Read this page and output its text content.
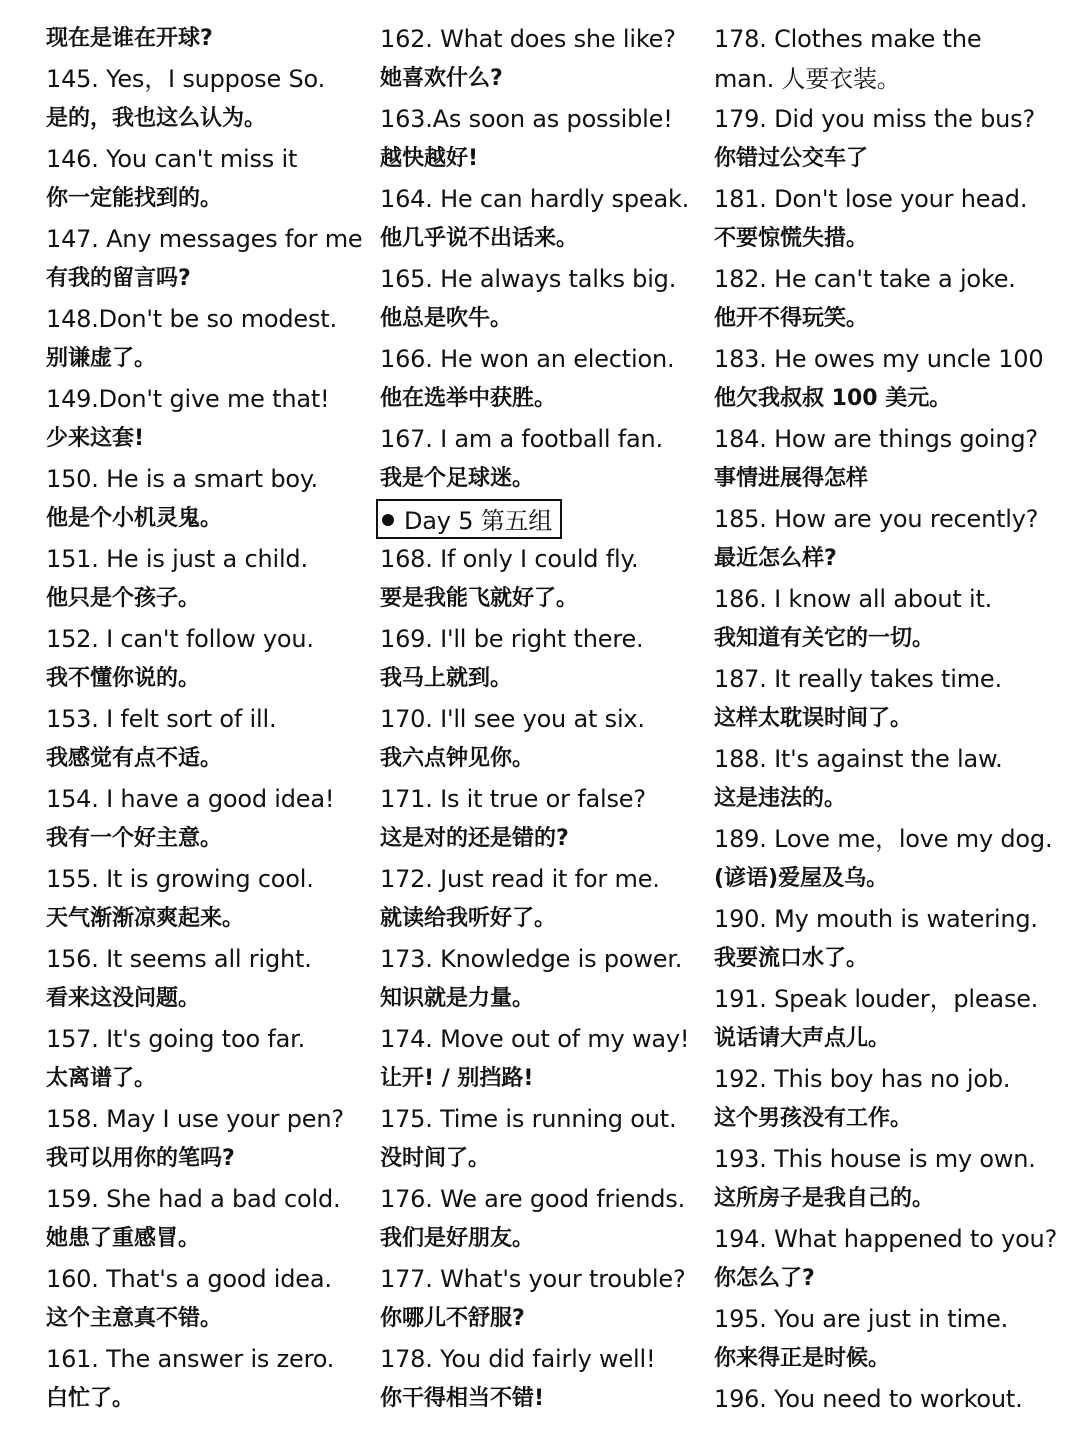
现在是谁在开球?
145. Yes，I suppose So.
是的，我也这么认为。
146. You can't miss it
你一定能找到的。
147. Any messages for me
有我的留言吗?
148.Don't be so modest.
别谦虚了。
149.Don't give me that!
少来这套!
150. He is a smart boy.
他是个小机灵鬼。
151. He is just a child.
他只是个孩子。
152. I can't follow you.
我不懂你说的。
153. I felt sort of ill.
我感觉有点不适。
154. I have a good idea!
我有一个好主意。
155. It is growing cool.
天气渐渐凉爽起来。
156. It seems all right.
看来这没问题。
157. It's going too far.
太离谱了。
158. May I use your pen?
我可以用你的笔吗?
159. She had a bad cold.
她患了重感冒。
160. That's a good idea.
这个主意真不错。
161. The answer is zero.
白忙了。
162. What does she like?
她喜欢什么?
163.As soon as possible!
越快越好!
164. He can hardly speak.
他几乎说不出话来。
165. He always talks big.
他总是吹牛。
166. He won an election.
他在选举中获胜。
167. I am a football fan.
我是个足球迷。
Day 5 第五组
168. If only I could fly.
要是我能飞就好了。
169. I'll be right there.
我马上就到。
170. I'll see you at six.
我六点钟见你。
171. Is it true or false?
这是对的还是错的?
172. Just read it for me.
就读给我听好了。
173. Knowledge is power.
知识就是力量。
174. Move out of my way!
让开! / 别挡路!
175. Time is running out.
没时间了。
176. We are good friends.
我们是好朋友。
177. What's your trouble?
你哪儿不舒服?
178. You did fairly well!
你干得相当不错!
178. Clothes make the
man. 人要衣装。
179. Did you miss the bus?
你错过公交车了
181. Don't lose your head.
不要惊慌失措。
182. He can't take a joke.
他开不得玩笑。
183. He owes my uncle 100
他欠我叔叔 100 美元。
184. How are things going?
事情进展得怎样
185. How are you recently?
最近怎么样?
186. I know all about it.
我知道有关它的一切。
187. It really takes time.
这样太耽误时间了。
188. It's against the law.
这是违法的。
189. Love me，love my dog.
(谚语)爱屋及乌。
190. My mouth is watering.
我要流口水了。
191. Speak louder，please.
说话请大声点儿。
192. This boy has no job.
这个男孩没有工作。
193. This house is my own.
这所房子是我自己的。
194. What happened to you?
你怎么了?
195. You are just in time.
你来得正是时候。
196. You need to workout.
